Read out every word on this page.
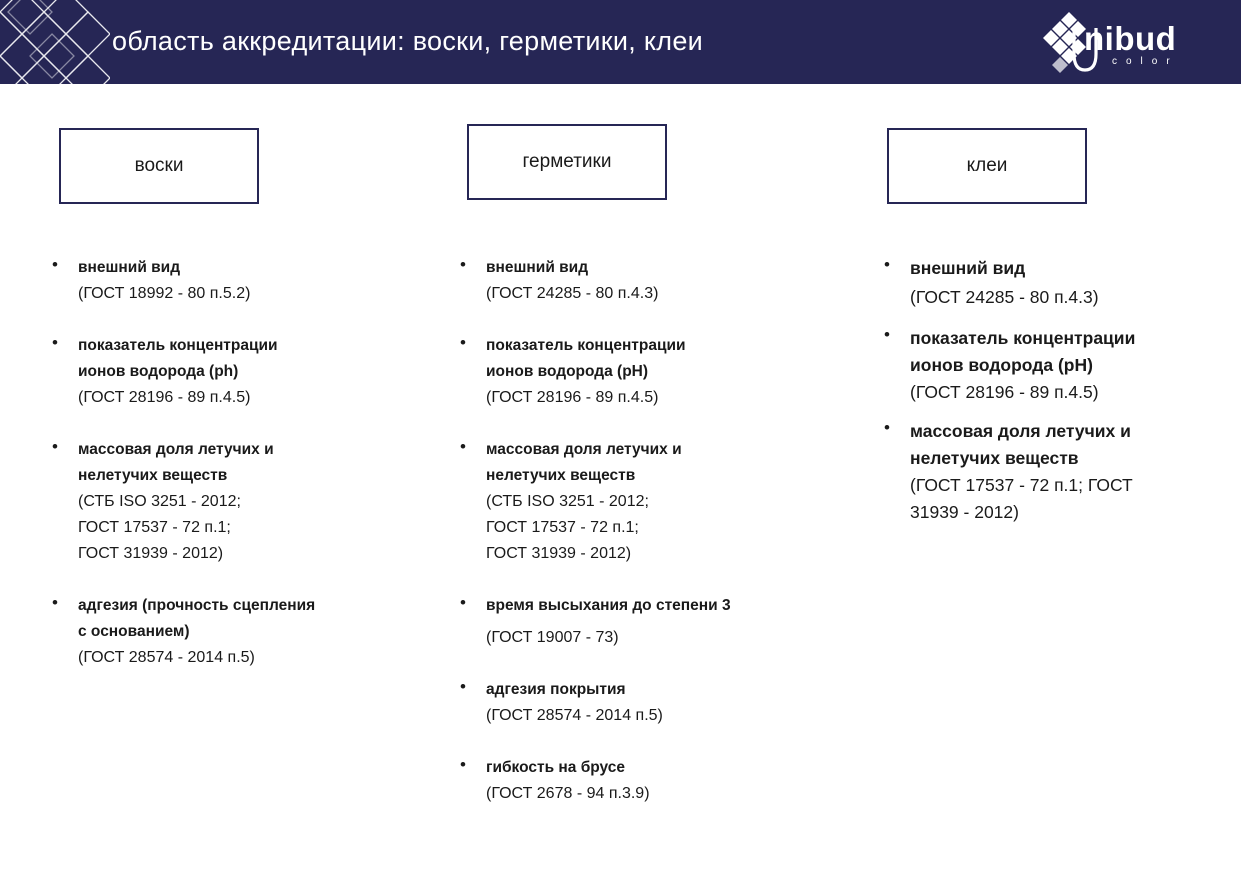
область аккредитации: воски, герметики, клеи	nibud
color
воски	герметики	клеи
• внешний вид
(ГОСТ 18992 - 80 п.5.2)
• показатель концентрации
ионов водорода (ph)
(ГОСТ 28196 - 89 п.4.5)
• массовая доля летучих и
нелетучих веществ
(СТБ ISO 3251 - 2012;
ГОСТ 17537 - 72 п.1;
ГОСТ 31939 - 2012)
• адгезия (прочность сцепления
с основанием)
(ГОСТ 28574 - 2014 п.5)
• внешний вид
(ГОСТ 24285 - 80 п.4.3)
• показатель концентрации
ионов водорода (pH)
(ГОСТ 28196 - 89 п.4.5)
• массовая доля летучих и
нелетучих веществ
(СТБ ISO 3251 - 2012;
ГОСТ 17537 - 72 п.1;
ГОСТ 31939 - 2012)
• время высыхания до степени 3
(ГОСТ 19007 - 73)
• адгезия покрытия
(ГОСТ 28574 - 2014 п.5)
• гибкость на брусе
(ГОСТ 2678 - 94 п.3.9)
• внешний вид
(ГОСТ 24285 - 80 п.4.3)
• показатель концентрации
ионов водорода (pH)
(ГОСТ 28196 - 89 п.4.5)
• массовая доля летучих и
нелетучих веществ
(ГОСТ 17537 - 72 п.1; ГОСТ
31939 - 2012)
